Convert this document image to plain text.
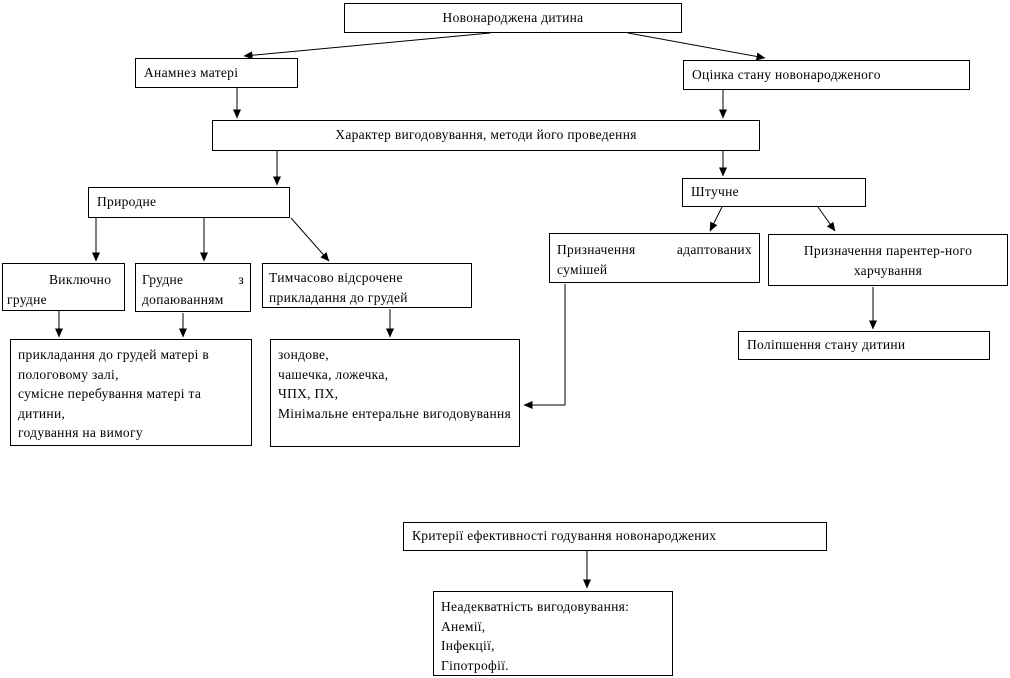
Новонароджена дитина
Анамнез матері	Оцінка стану новонародженого
Характер вигодовування, методи його проведення
Природне
Штучне
Виключно грудне
Грудне з допаюванням
Тимчасово відсрочене прикладання до грудей
Призначення адаптованих сумішей
Призначення парентер-ного харчування
Поліпшення стану дитини
прикладання до грудей матері в пологовому залі,
сумісне перебування матері та дитини,
годування на вимогу
зондове,
чашечка, ложечка,
ЧПХ, ПХ,
Мінімальне ентеральне вигодовування
Критерії ефективності годування новонароджених
Неадекватність вигодовування:
Анемії,
Інфекції,
Гіпотрофії.
